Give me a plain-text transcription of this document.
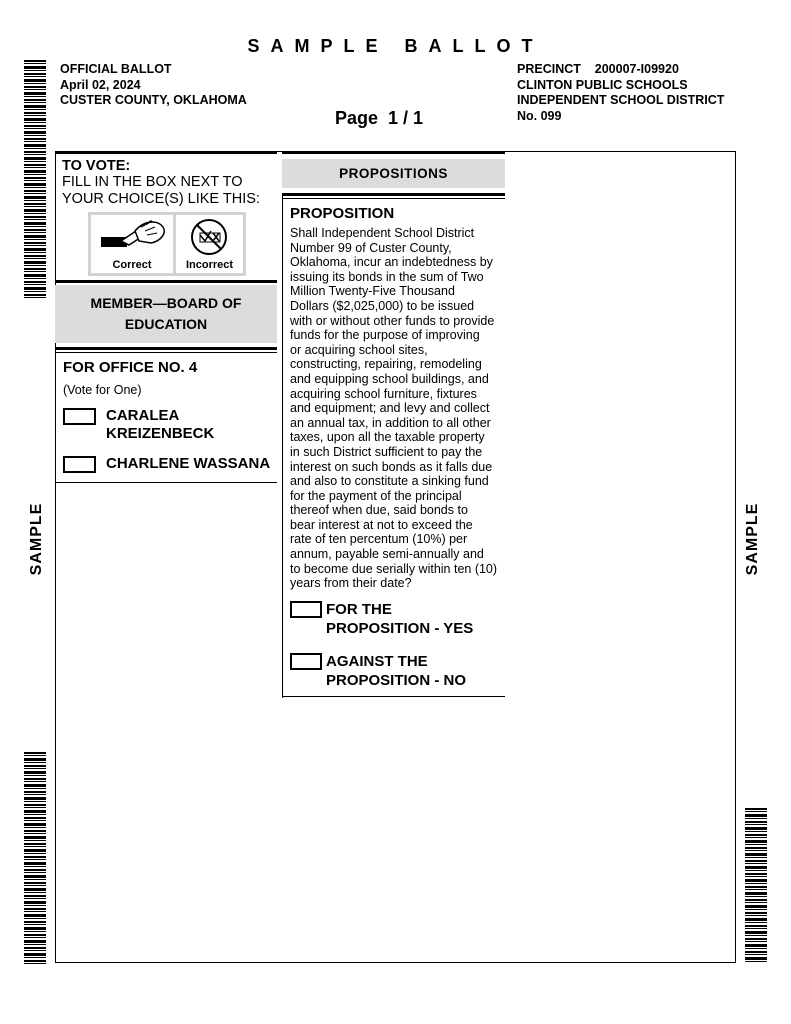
SAMPLE BALLOT
OFFICIAL BALLOT
April 02, 2024
CUSTER COUNTY, OKLAHOMA
PRECINCT    200007-I09920
CLINTON PUBLIC SCHOOLS
INDEPENDENT SCHOOL DISTRICT
No. 099
Page  1 / 1
SAMPLE	SAMPLE
TO VOTE:
FILL IN THE BOX NEXT TO
YOUR CHOICE(S) LIKE THIS:
Correct	Incorrect
MEMBER—BOARD OF
EDUCATION
FOR OFFICE NO. 4
(Vote for One)
CARALEA
KREIZENBECK
CHARLENE WASSANA
PROPOSITIONS
PROPOSITION
Shall Independent School District
Number 99 of Custer County,
Oklahoma, incur an indebtedness by
issuing its bonds in the sum of Two
Million Twenty-Five Thousand
Dollars ($2,025,000) to be issued
with or without other funds to provide
funds for the purpose of improving
or acquiring school sites,
constructing, repairing, remodeling
and equipping school buildings, and
acquiring school furniture, fixtures
and equipment; and levy and collect
an annual tax, in addition to all other
taxes, upon all the taxable property
in such District sufficient to pay the
interest on such bonds as it falls due
and also to constitute a sinking fund
for the payment of the principal
thereof when due, said bonds to
bear interest at not to exceed the
rate of ten percentum (10%) per
annum, payable semi-annually and
to become due serially within ten (10)
years from their date?
FOR THE
PROPOSITION - YES
AGAINST THE
PROPOSITION - NO
